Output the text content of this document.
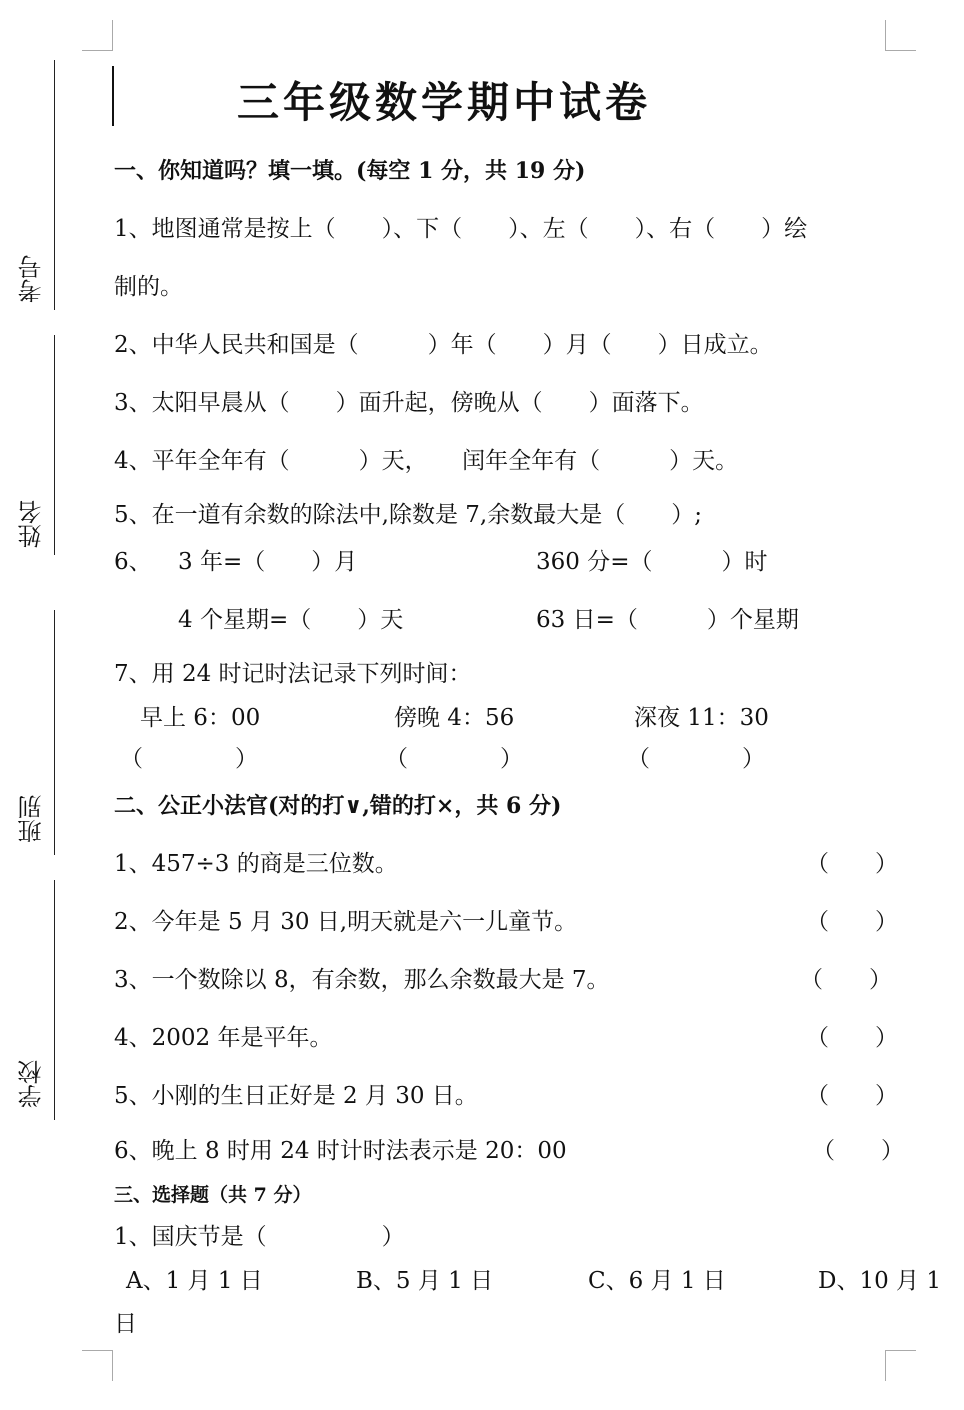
考号
姓名
班别
学校
三年级数学期中试卷
一、你知道吗？填一填。(每空 1 分，共 19 分)
1、地图通常是按上（　　）、下（　　）、左（　　）、右（　　）绘
制的。
2、中华人民共和国是（　　　）年（　　）月（　　）日成立。
3、太阳早晨从（　　）面升起，傍晚从（　　）面落下。
4、平年全年有（　　　）天，　　闰年全年有（　　　）天。
5、在一道有余数的除法中,除数是 7,余数最大是（　　）;
6、 3 年=（　　）月	360 分=（　　　）时
4 个星期=（　　）天	63 日=（　　　）个星期
7、用 24 时记时法记录下列时间：
早上 6：00	傍晚 4：56	深夜 11：30
（　　　　）	（　　　　）	（　　　　）
二、公正小法官(对的打∨,错的打×，共 6 分)
1、457÷3 的商是三位数。	（　　）
2、今年是 5 月 30 日,明天就是六一儿童节。	（　　）
3、一个数除以 8，有余数，那么余数最大是 7。	（　　）
4、2002 年是平年。	（　　）
5、小刚的生日正好是 2 月 30 日。	（　　）
6、晚上 8 时用 24 时计时法表示是 20：00	（　　）
三、选择题（共 7 分）
1、国庆节是（　　　　　）
A、1 月 1 日	B、5 月 1 日	C、6 月 1 日	D、10 月 1
日
